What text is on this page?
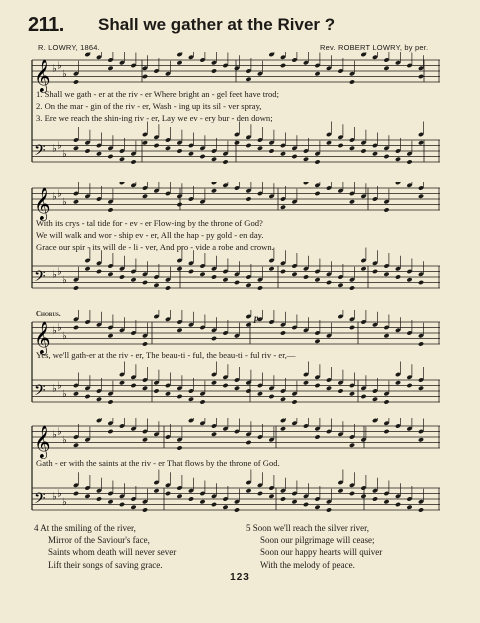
211. Shall we gather at the River ?
R. LOWRY, 1864.	Rev. ROBERT LOWRY, by per.
𝄞 ♭ ♭
♭
𝄢 ♭ ♭
♭
1. Shall we gath - er at the riv - er Where bright an - gel feet have trod;
2. On the mar - gin of the riv - er, Wash - ing up its sil - ver spray,
3. Ere we reach the shin-ing riv - er, Lay we ev - ery bur - den down;
𝄞 ♭ ♭
♭
𝄢 ♭ ♭
♭
With its crys - tal tide for - ev - er Flow-ing by the throne of God?
We will walk and wor - ship ev - er, All the hap - py gold - en day.
Grace our spir - its will de - li - ver, And pro - vide a robe and crown.
𝄞 ♭ ♭
♭
𝄢 ♭ ♭
♭
Yes, we'll gath-er at the riv - er, The beau-ti - ful, the beau-ti - ful riv - er,—
𝄞 ♭ ♭
♭
𝄢 ♭ ♭
♭
Gath - er with the saints at the riv - er That flows by the throne of God.
Chorus.	p
4 At the smiling of the river,
Mirror of the Saviour's face,
Saints whom death will never sever
Lift their songs of saving grace.
5 Soon we'll reach the silver river,
Soon our pilgrimage will cease;
Soon our happy hearts will quiver
With the melody of peace.
123
